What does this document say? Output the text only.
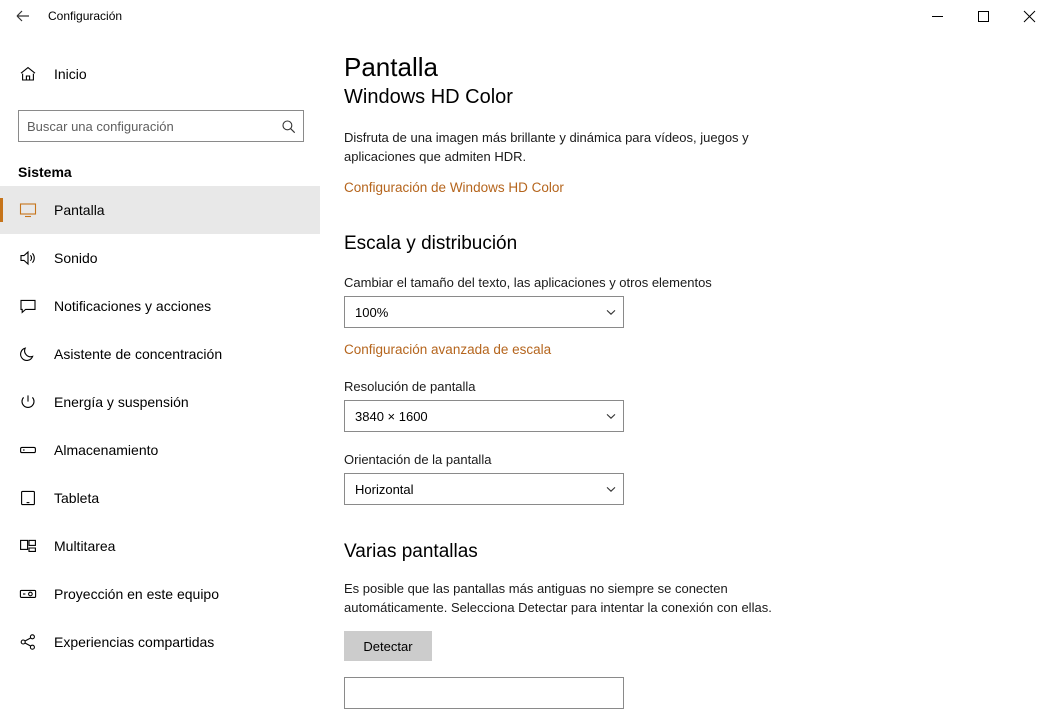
Configuración
Inicio
Buscar una configuración
Sistema
Pantalla
Sonido
Notificaciones y acciones
Asistente de concentración
Energía y suspensión
Almacenamiento
Tableta
Multitarea
Proyección en este equipo
Experiencias compartidas
Pantalla
Windows HD Color
Disfruta de una imagen más brillante y dinámica para vídeos, juegos y aplicaciones que admiten HDR.
Configuración de Windows HD Color
Escala y distribución
Cambiar el tamaño del texto, las aplicaciones y otros elementos
100%
Configuración avanzada de escala
Resolución de pantalla
3840 × 1600
Orientación de la pantalla
Horizontal
Varias pantallas
Es posible que las pantallas más antiguas no siempre se conecten automáticamente. Selecciona Detectar para intentar la conexión con ellas.
Detectar
